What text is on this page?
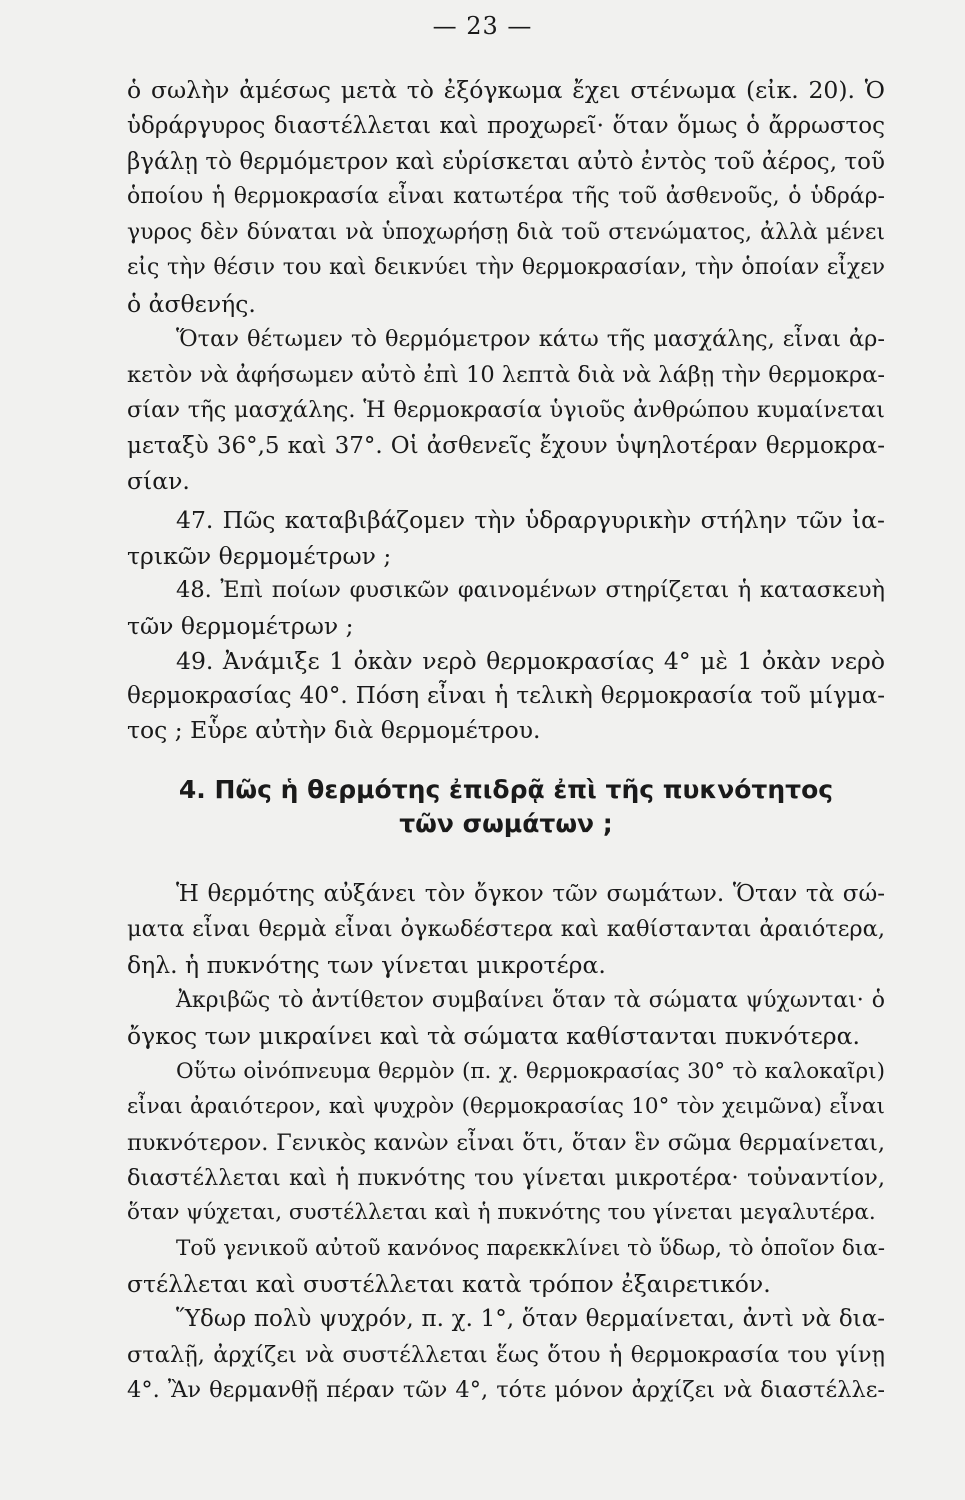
— 23 —
ὁ σωλὴν ἀμέσως μετὰ τὸ ἐξόγκωμα ἔχει στένωμα (εἰκ. 20). Ὁ
ὑδράργυρος διαστέλλεται καὶ προχωρεῖ· ὅταν ὅμως ὁ ἄρρωστος
βγάλῃ τὸ θερμόμετρον καὶ εὑρίσκεται αὐτὸ ἐντὸς τοῦ ἀέρος, τοῦ
ὁποίου ἡ θερμοκρασία εἶναι κατωτέρα τῆς τοῦ ἀσθενοῦς, ὁ ὑδράρ-
γυρος δὲν δύναται νὰ ὑποχωρήσῃ διὰ τοῦ στενώματος, ἀλλὰ μένει
εἰς τὴν θέσιν του καὶ δεικνύει τὴν θερμοκρασίαν, τὴν ὁποίαν εἶχεν
ὁ ἀσθενής.
Ὅταν θέτωμεν τὸ θερμόμετρον κάτω τῆς μασχάλης, εἶναι ἀρ-
κετὸν νὰ ἀφήσωμεν αὐτὸ ἐπὶ 10 λεπτὰ διὰ νὰ λάβῃ τὴν θερμοκρα-
σίαν τῆς μασχάλης. Ἡ θερμοκρασία ὑγιοῦς ἀνθρώπου κυμαίνεται
μεταξὺ 36°,5 καὶ 37°. Οἱ ἀσθενεῖς ἔχουν ὑψηλοτέραν θερμοκρα-
σίαν.
47. Πῶς καταβιβάζομεν τὴν ὑδραργυρικὴν στήλην τῶν ἰα-
τρικῶν θερμομέτρων ;
48. Ἐπὶ ποίων φυσικῶν φαινομένων στηρίζεται ἡ κατασκευὴ
τῶν θερμομέτρων ;
49. Ἀνάμιξε 1 ὀκὰν νερὸ θερμοκρασίας 4° μὲ 1 ὀκὰν νερὸ
θερμοκρασίας 40°. Πόση εἶναι ἡ τελικὴ θερμοκρασία τοῦ μίγμα-
τος ; Εὗρε αὐτὴν διὰ θερμομέτρου.
4. Πῶς ἡ θερμότης ἐπιδρᾷ ἐπὶ τῆς πυκνότητος
τῶν σωμάτων ;
Ἡ θερμότης αὐξάνει τὸν ὄγκον τῶν σωμάτων. Ὅταν τὰ σώ-
ματα εἶναι θερμὰ εἶναι ὀγκωδέστερα καὶ καθίστανται ἀραιότερα,
δηλ. ἡ πυκνότης των γίνεται μικροτέρα.
Ἀκριβῶς τὸ ἀντίθετον συμβαίνει ὅταν τὰ σώματα ψύχωνται· ὁ
ὄγκος των μικραίνει καὶ τὰ σώματα καθίστανται πυκνότερα.
Οὕτω οἰνόπνευμα θερμὸν (π. χ. θερμοκρασίας 30° τὸ καλοκαῖρι)
εἶναι ἀραιότερον, καὶ ψυχρὸν (θερμοκρασίας 10° τὸν χειμῶνα) εἶναι
πυκνότερον. Γενικὸς κανὼν εἶναι ὅτι, ὅταν ἓν σῶμα θερμαίνεται,
διαστέλλεται καὶ ἡ πυκνότης του γίνεται μικροτέρα· τοὐναντίον,
ὅταν ψύχεται, συστέλλεται καὶ ἡ πυκνότης του γίνεται μεγαλυτέρα.
Τοῦ γενικοῦ αὐτοῦ κανόνος παρεκκλίνει τὸ ὕδωρ, τὸ ὁποῖον δια-
στέλλεται καὶ συστέλλεται κατὰ τρόπον ἐξαιρετικόν.
Ὕδωρ πολὺ ψυχρόν, π. χ. 1°, ὅταν θερμαίνεται, ἀντὶ νὰ δια-
σταλῇ, ἀρχίζει νὰ συστέλλεται ἕως ὅτου ἡ θερμοκρασία του γίνῃ
4°. Ἂν θερμανθῇ πέραν τῶν 4°, τότε μόνον ἀρχίζει νὰ διαστέλλε-
